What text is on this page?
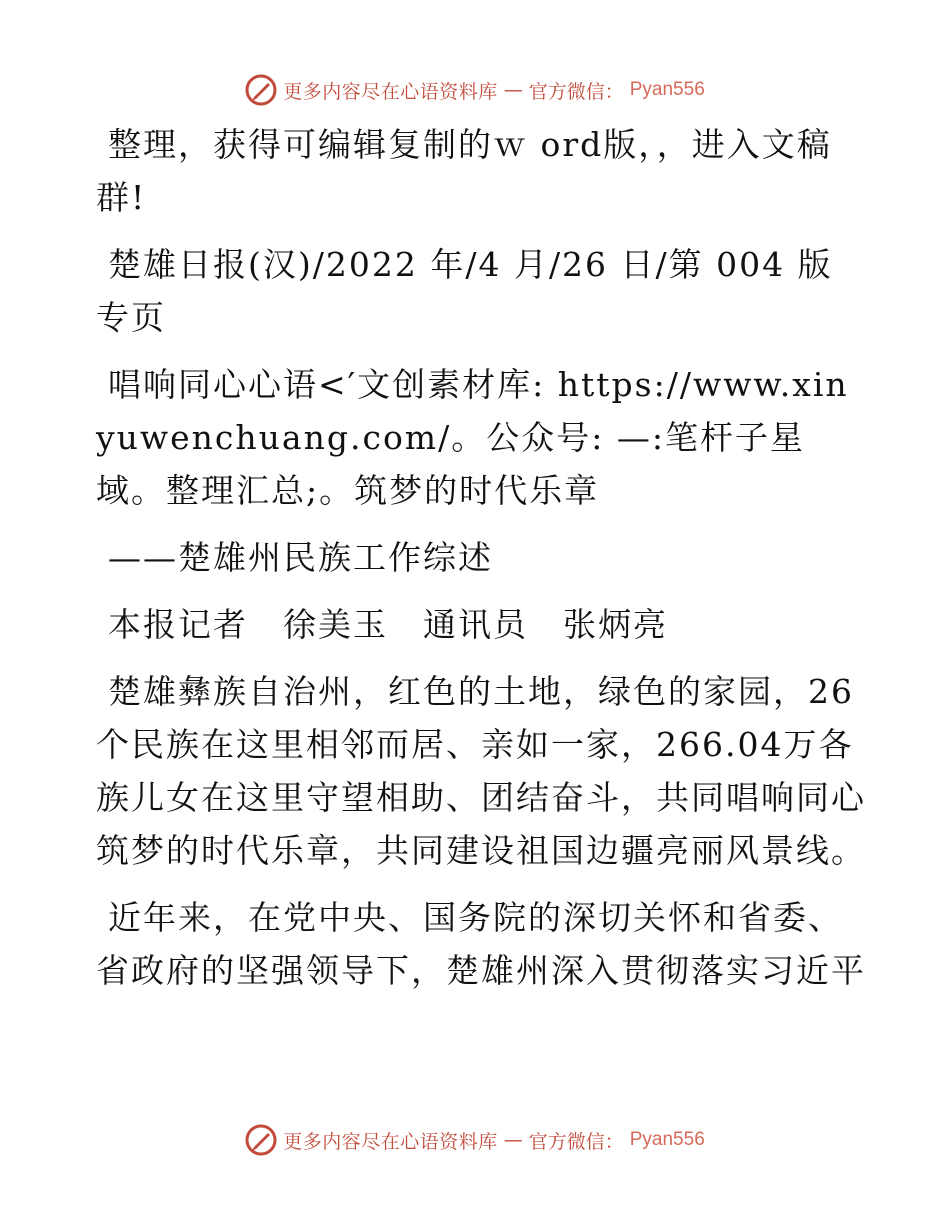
更多内容尽在心语资料库 — 官方微信： Pyan556

整理，获得可编辑复制的ｗ ord版，，进入文稿群!

楚雄日报(汉)/2022 年/4 月/26 日/第 004 版专页

唱响同心心语<′文创素材库: https://www.xinyuwenchuang.com/。公众号: —:笔杆子星域。整理汇总;。筑梦的时代乐章

——楚雄州民族工作综述

本报记者　徐美玉　通讯员　张炳亮

楚雄彝族自治州，红色的土地，绿色的家园，26个民族在这里相邻而居、亲如一家，266.04万各族儿女在这里守望相助、团结奋斗，共同唱响同心筑梦的时代乐章，共同建设祖国边疆亮丽风景线。

近年来，在党中央、国务院的深切关怀和省委、省政府的坚强领导下，楚雄州深入贯彻落实习近平

更多内容尽在心语资料库 — 官方微信： Pyan556
